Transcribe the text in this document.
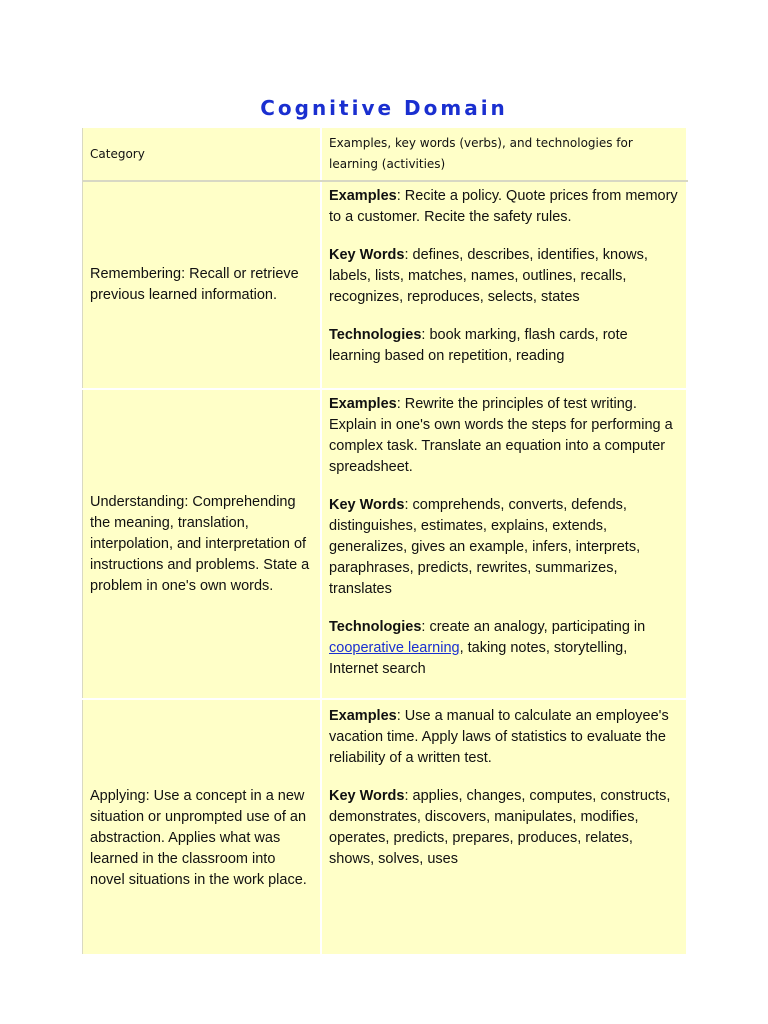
Cognitive Domain
Category	Examples, key words (verbs), and technologies for learning (activities)
Remembering: Recall or retrieve previous learned information.	Examples: Recite a policy. Quote prices from memory to a customer. Recite the safety rules.

Key Words: defines, describes, identifies, knows, labels, lists, matches, names, outlines, recalls, recognizes, reproduces, selects, states

Technologies: book marking, flash cards, rote learning based on repetition, reading

Understanding: Comprehending the meaning, translation, interpolation, and interpretation of instructions and problems. State a problem in one's own words.	Examples: Rewrite the principles of test writing. Explain in one's own words the steps for performing a complex task. Translate an equation into a computer spreadsheet.

Key Words: comprehends, converts, defends, distinguishes, estimates, explains, extends, generalizes, gives an example, infers, interprets, paraphrases, predicts, rewrites, summarizes, translates

Technologies: create an analogy, participating in cooperative learning, taking notes, storytelling, Internet search

Applying: Use a concept in a new situation or unprompted use of an abstraction. Applies what was learned in the classroom into novel situations in the work place.	Examples: Use a manual to calculate an employee's vacation time. Apply laws of statistics to evaluate the reliability of a written test.

Key Words: applies, changes, computes, constructs, demonstrates, discovers, manipulates, modifies, operates, predicts, prepares, produces, relates, shows, solves, uses
